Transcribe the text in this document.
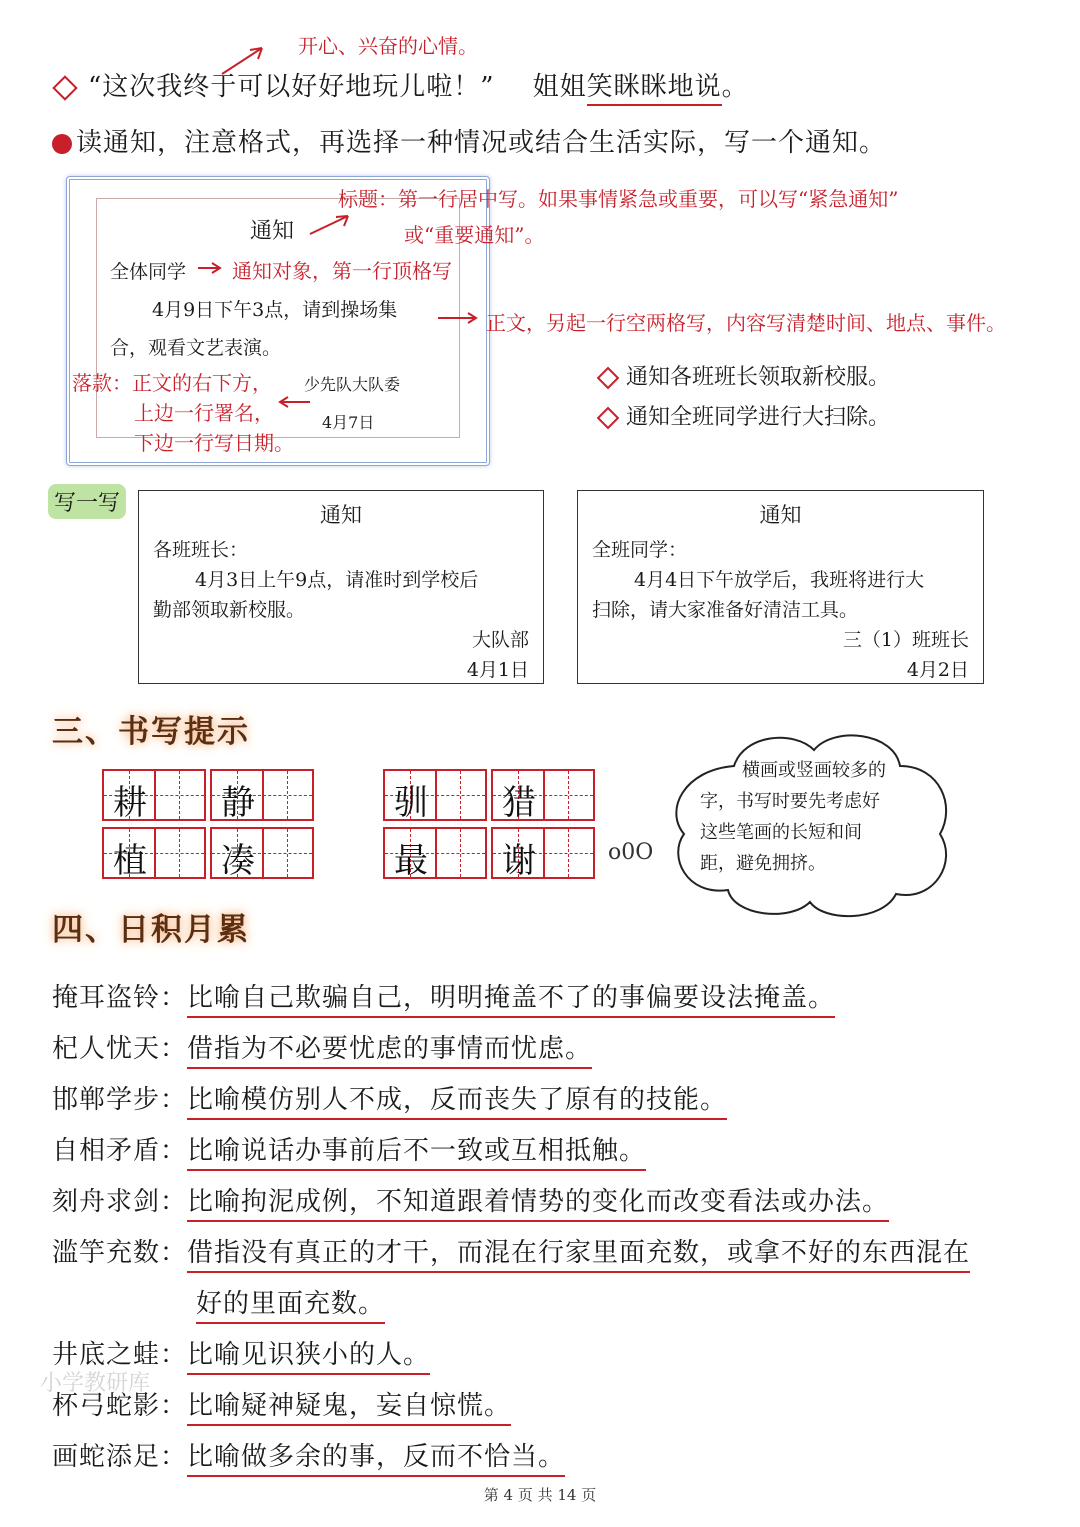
开心、兴奋的心情。
“这次我终于可以好好地玩儿啦！” 姐姐笑眯眯地说。
读通知，注意格式，再选择一种情况或结合生活实际，写一个通知。
通知
标题：第一行居中写。如果事情紧急或重要，可以写“紧急通知”
或“重要通知”。
全体同学 通知对象，第一行顶格写
4月9日下午3点，请到操场集
正文，另起一行空两格写，内容写清楚时间、地点、事件。
合，观看文艺表演。
落款：正文的右下方，
上边一行署名，
下边一行写日期。
少先队大队委
4月7日
通知各班班长领取新校服。
通知全班同学进行大扫除。
写一写	通知
各班班长：
4月3日上午9点，请准时到学校后
勤部领取新校服。
大队部
4月1日
通知
全班同学：
4月4日下午放学后，我班将进行大
扫除，请大家准备好清洁工具。
三（1）班班长
4月2日
三、书写提示
耕 静
植 凑
驯 猎
最 谢	o0O
横画或竖画较多的
字，书写时要先考虑好
这些笔画的长短和间
距，避免拥挤。
四、日积月累
掩耳盗铃：比喻自己欺骗自己，明明掩盖不了的事偏要设法掩盖。
杞人忧天：借指为不必要忧虑的事情而忧虑。
邯郸学步：比喻模仿别人不成，反而丧失了原有的技能。
自相矛盾：比喻说话办事前后不一致或互相抵触。
刻舟求剑：比喻拘泥成例，不知道跟着情势的变化而改变看法或办法。
滥竽充数：借指没有真正的才干，而混在行家里面充数，或拿不好的东西混在
好的里面充数。
井底之蛙：比喻见识狭小的人。
杯弓蛇影：比喻疑神疑鬼，妄自惊慌。
画蛇添足：比喻做多余的事，反而不恰当。
小学教研库
第 4 页 共 14 页
